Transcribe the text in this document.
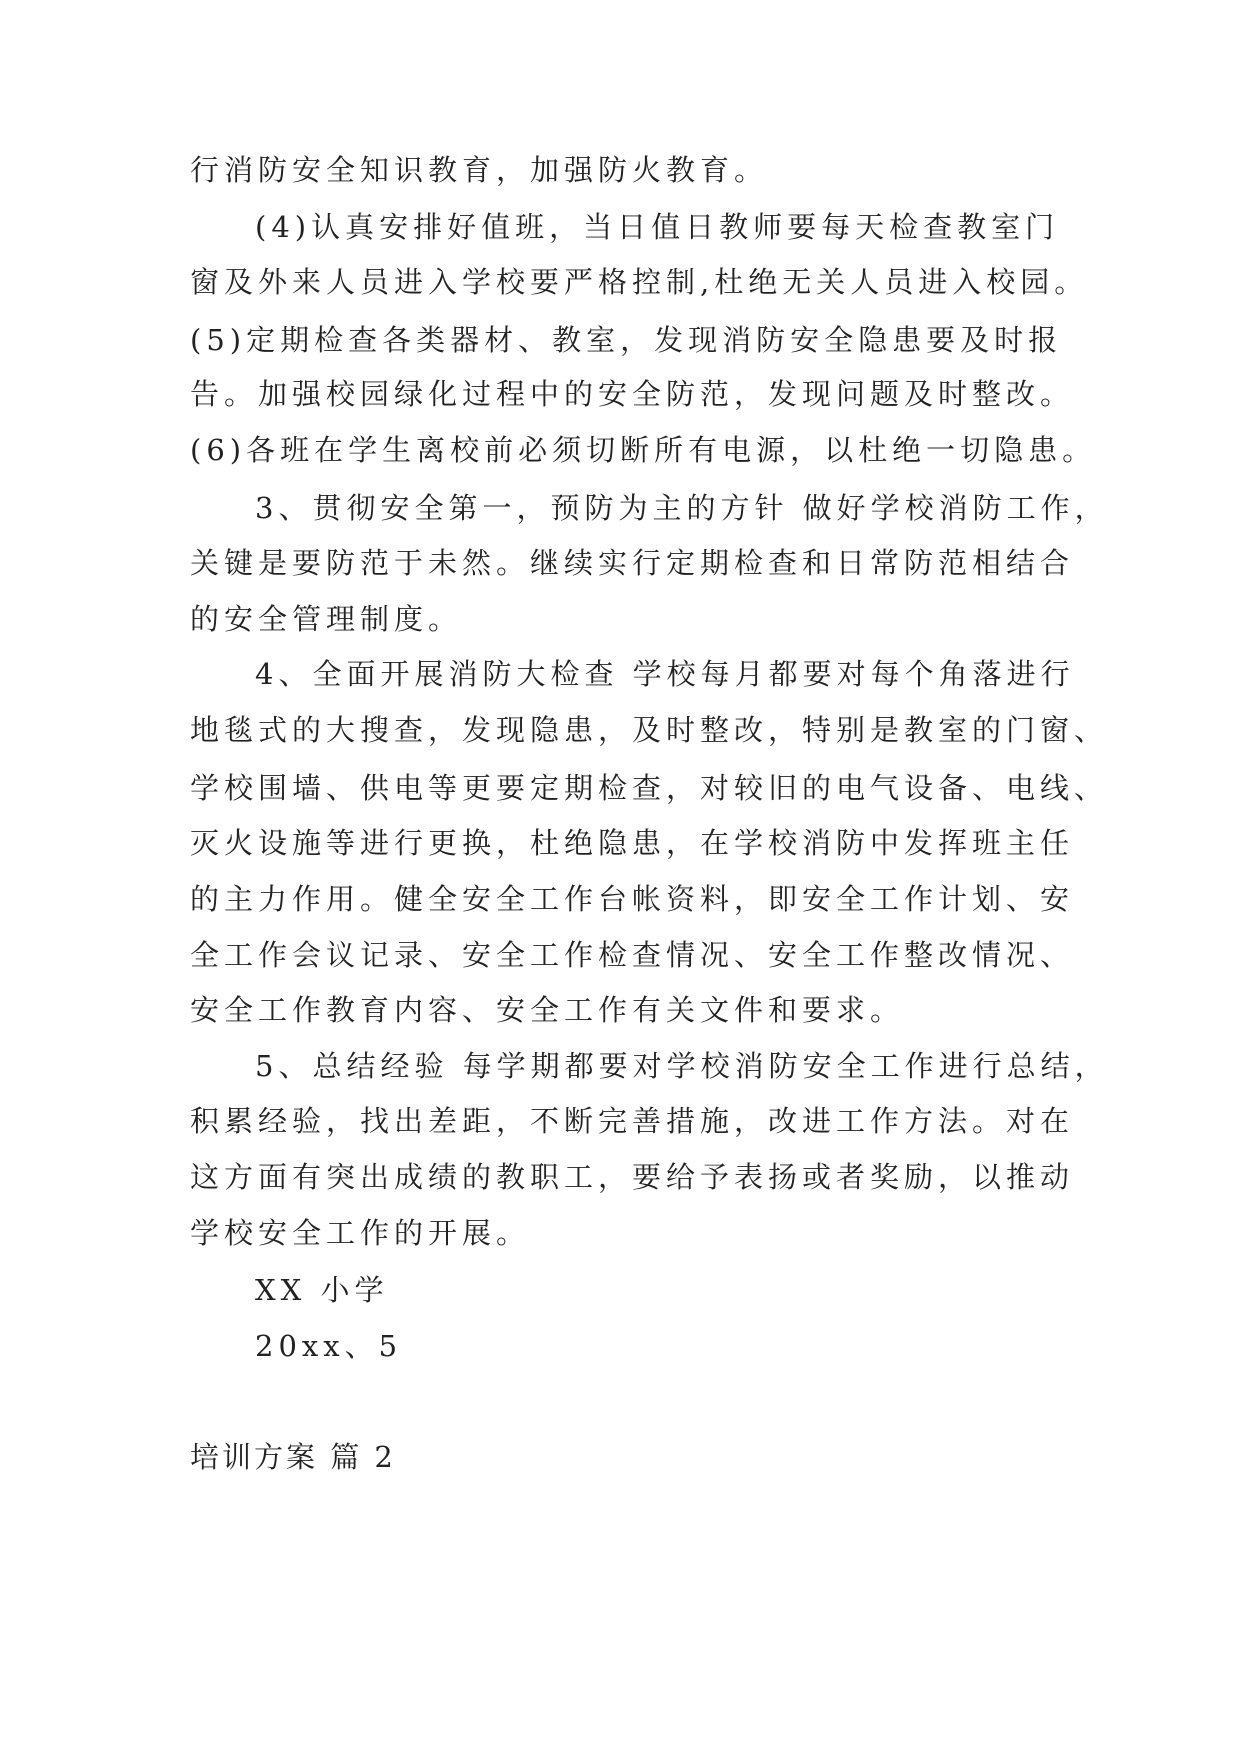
行消防安全知识教育，加强防火教育。
(4)认真安排好值班，当日值日教师要每天检查教室门
窗及外来人员进入学校要严格控制,杜绝无关人员进入校园。
(5)定期检查各类器材、教室，发现消防安全隐患要及时报
告。加强校园绿化过程中的安全防范，发现问题及时整改。
(6)各班在学生离校前必须切断所有电源，以杜绝一切隐患。
3、贯彻安全第一，预防为主的方针 做好学校消防工作，
关键是要防范于未然。继续实行定期检查和日常防范相结合
的安全管理制度。
4、全面开展消防大检查 学校每月都要对每个角落进行
地毯式的大搜查，发现隐患，及时整改，特别是教室的门窗、
学校围墙、供电等更要定期检查，对较旧的电气设备、电线、
灭火设施等进行更换，杜绝隐患，在学校消防中发挥班主任
的主力作用。健全安全工作台帐资料，即安全工作计划、安
全工作会议记录、安全工作检查情况、安全工作整改情况、
安全工作教育内容、安全工作有关文件和要求。
5、总结经验 每学期都要对学校消防安全工作进行总结，
积累经验，找出差距，不断完善措施，改进工作方法。对在
这方面有突出成绩的教职工，要给予表扬或者奖励，以推动
学校安全工作的开展。
XX 小学
20xx、5
培训方案 篇 2
